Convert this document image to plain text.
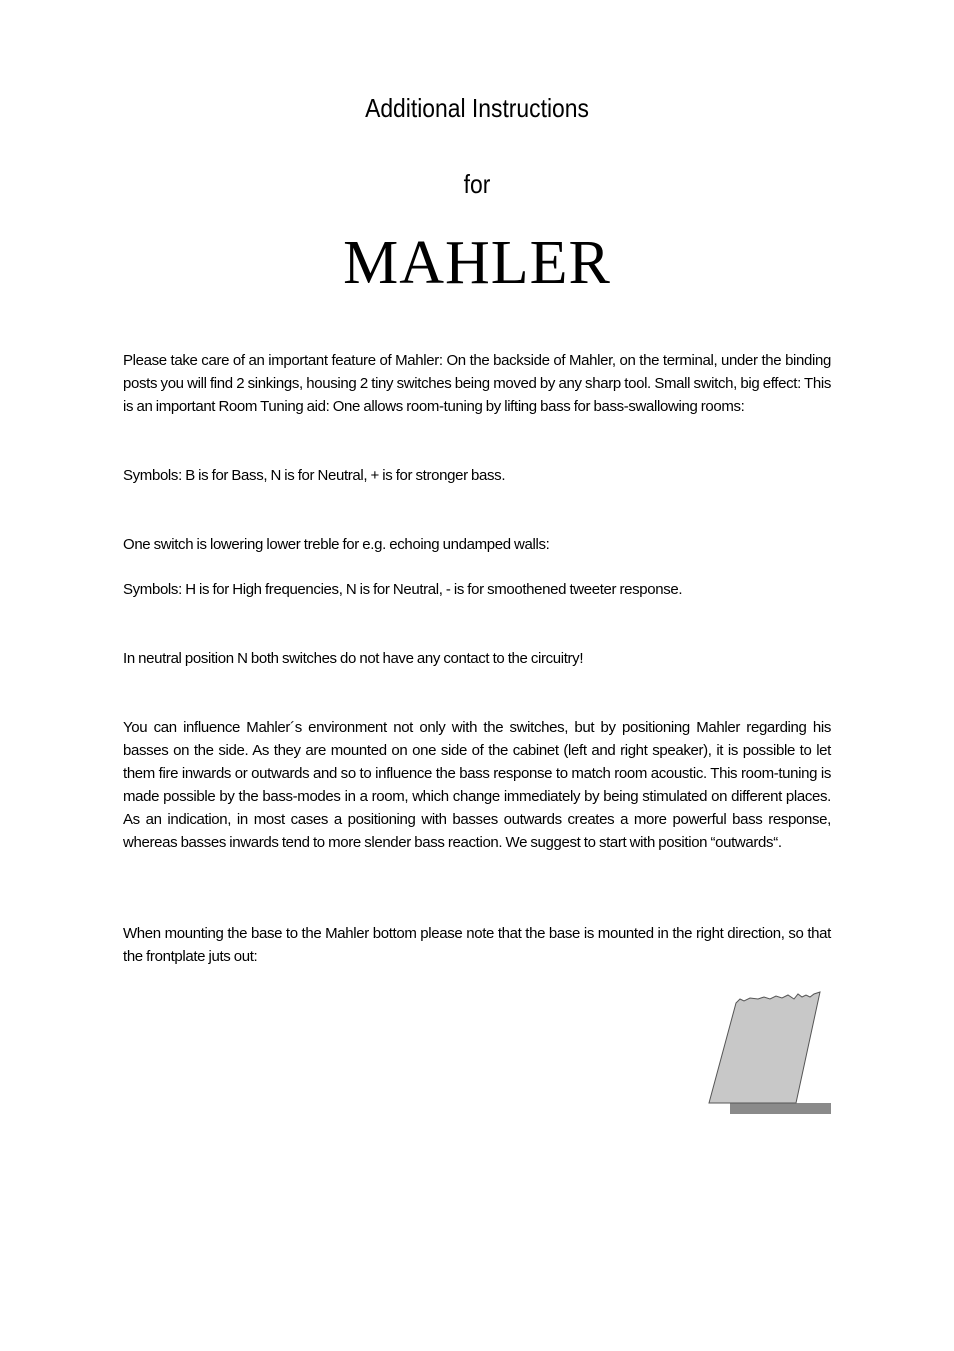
Additional Instructions
for
MAHLER

Please take care of an important feature of Mahler: On the backside of Mahler, on the terminal, under the binding posts you will find 2 sinkings, housing 2 tiny switches being moved by any sharp tool. Small switch, big effect: This is an important Room Tuning aid: One allows room-tuning by lifting bass for bass-swallowing rooms:

Symbols: B is for Bass, N is for Neutral, + is for stronger bass.

One switch is lowering lower treble for e.g. echoing undamped walls:

Symbols: H is for High frequencies, N is for Neutral, - is for smoothened tweeter response.

In neutral position N both switches do not have any contact to the circuitry!

You can influence Mahler´s environment not only with the switches, but by positioning Mahler regarding his basses on the side. As they are mounted on one side of the cabinet (left and right speaker), it is possible to let them fire inwards or outwards and so to influence the bass response to match room acoustic. This room-tuning is made possible by the bass-modes in a room, which change immediately by being stimulated on different places. As an indication, in most cases a positioning with basses outwards creates a more powerful bass response, whereas basses inwards tend to more slender bass reaction. We suggest to start with position “outwards“.

When mounting the base to the Mahler bottom please note that the base is mounted in the right direction, so that the frontplate juts out:
